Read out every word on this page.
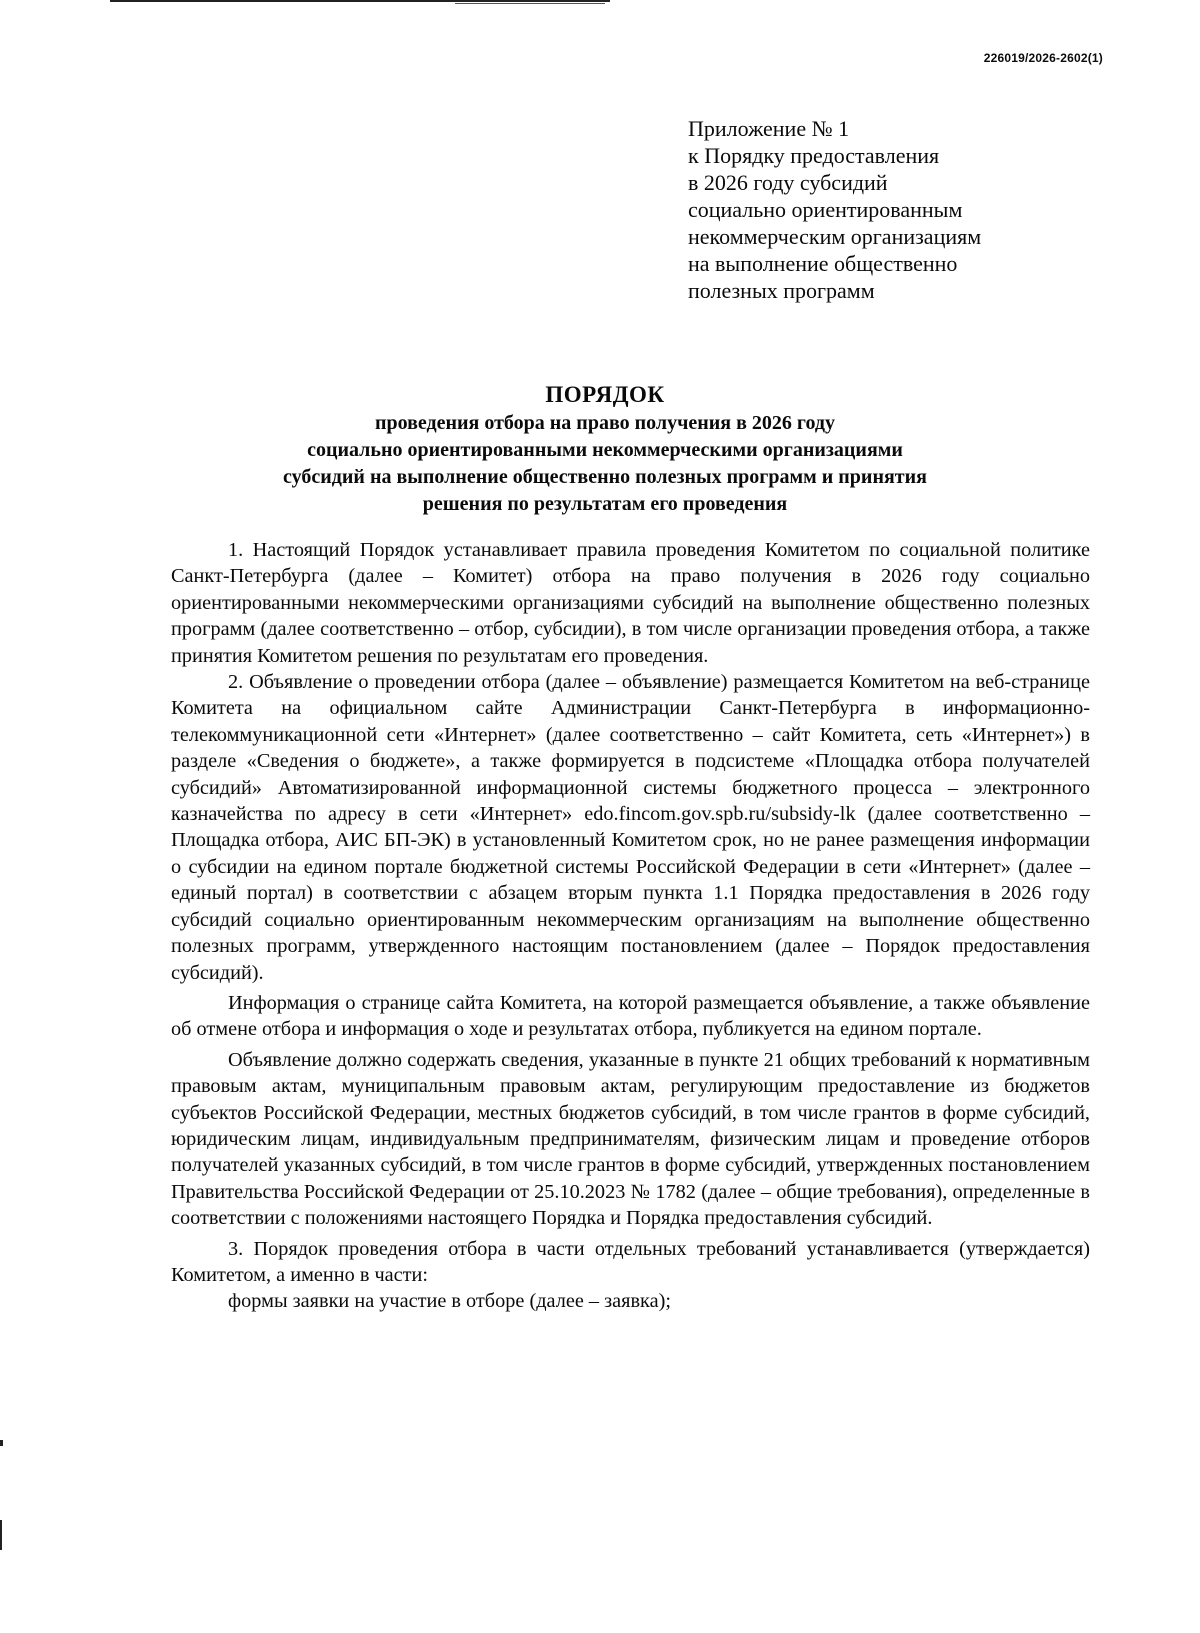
226019/2026-2602(1)
Приложение № 1
к Порядку предоставления
в 2026 году субсидий
социально ориентированным
некоммерческим организациям
на выполнение общественно
полезных программ
ПОРЯДОК
проведения отбора на право получения в 2026 году
социально ориентированными некоммерческими организациями
субсидий на выполнение общественно полезных программ и принятия
решения по результатам его проведения

1. Настоящий Порядок устанавливает правила проведения Комитетом по социальной политике Санкт-Петербурга (далее – Комитет) отбора на право получения в 2026 году социально ориентированными некоммерческими организациями субсидий на выполнение общественно полезных программ (далее соответственно – отбор, субсидии), в том числе организации проведения отбора, а также принятия Комитетом решения по результатам его проведения.

2. Объявление о проведении отбора (далее – объявление) размещается Комитетом на веб-странице Комитета на официальном сайте Администрации Санкт-Петербурга в информационно-телекоммуникационной сети «Интернет» (далее соответственно – сайт Комитета, сеть «Интернет») в разделе «Сведения о бюджете», а также формируется в подсистеме «Площадка отбора получателей субсидий» Автоматизированной информационной системы бюджетного процесса – электронного казначейства по адресу в сети «Интернет» edo.fincom.gov.spb.ru/subsidy-lk (далее соответственно – Площадка отбора, АИС БП-ЭК) в установленный Комитетом срок, но не ранее размещения информации о субсидии на едином портале бюджетной системы Российской Федерации в сети «Интернет» (далее – единый портал) в соответствии с абзацем вторым пункта 1.1 Порядка предоставления в 2026 году субсидий социально ориентированным некоммерческим организациям на выполнение общественно полезных программ, утвержденного настоящим постановлением (далее – Порядок предоставления субсидий).

Информация о странице сайта Комитета, на которой размещается объявление, а также объявление об отмене отбора и информация о ходе и результатах отбора, публикуется на едином портале.

Объявление должно содержать сведения, указанные в пункте 21 общих требований к нормативным правовым актам, муниципальным правовым актам, регулирующим предоставление из бюджетов субъектов Российской Федерации, местных бюджетов субсидий, в том числе грантов в форме субсидий, юридическим лицам, индивидуальным предпринимателям, физическим лицам и проведение отборов получателей указанных субсидий, в том числе грантов в форме субсидий, утвержденных постановлением Правительства Российской Федерации от 25.10.2023 № 1782 (далее – общие требования), определенные в соответствии с положениями настоящего Порядка и Порядка предоставления субсидий.

3. Порядок проведения отбора в части отдельных требований устанавливается (утверждается) Комитетом, а именно в части:

формы заявки на участие в отборе (далее – заявка);
